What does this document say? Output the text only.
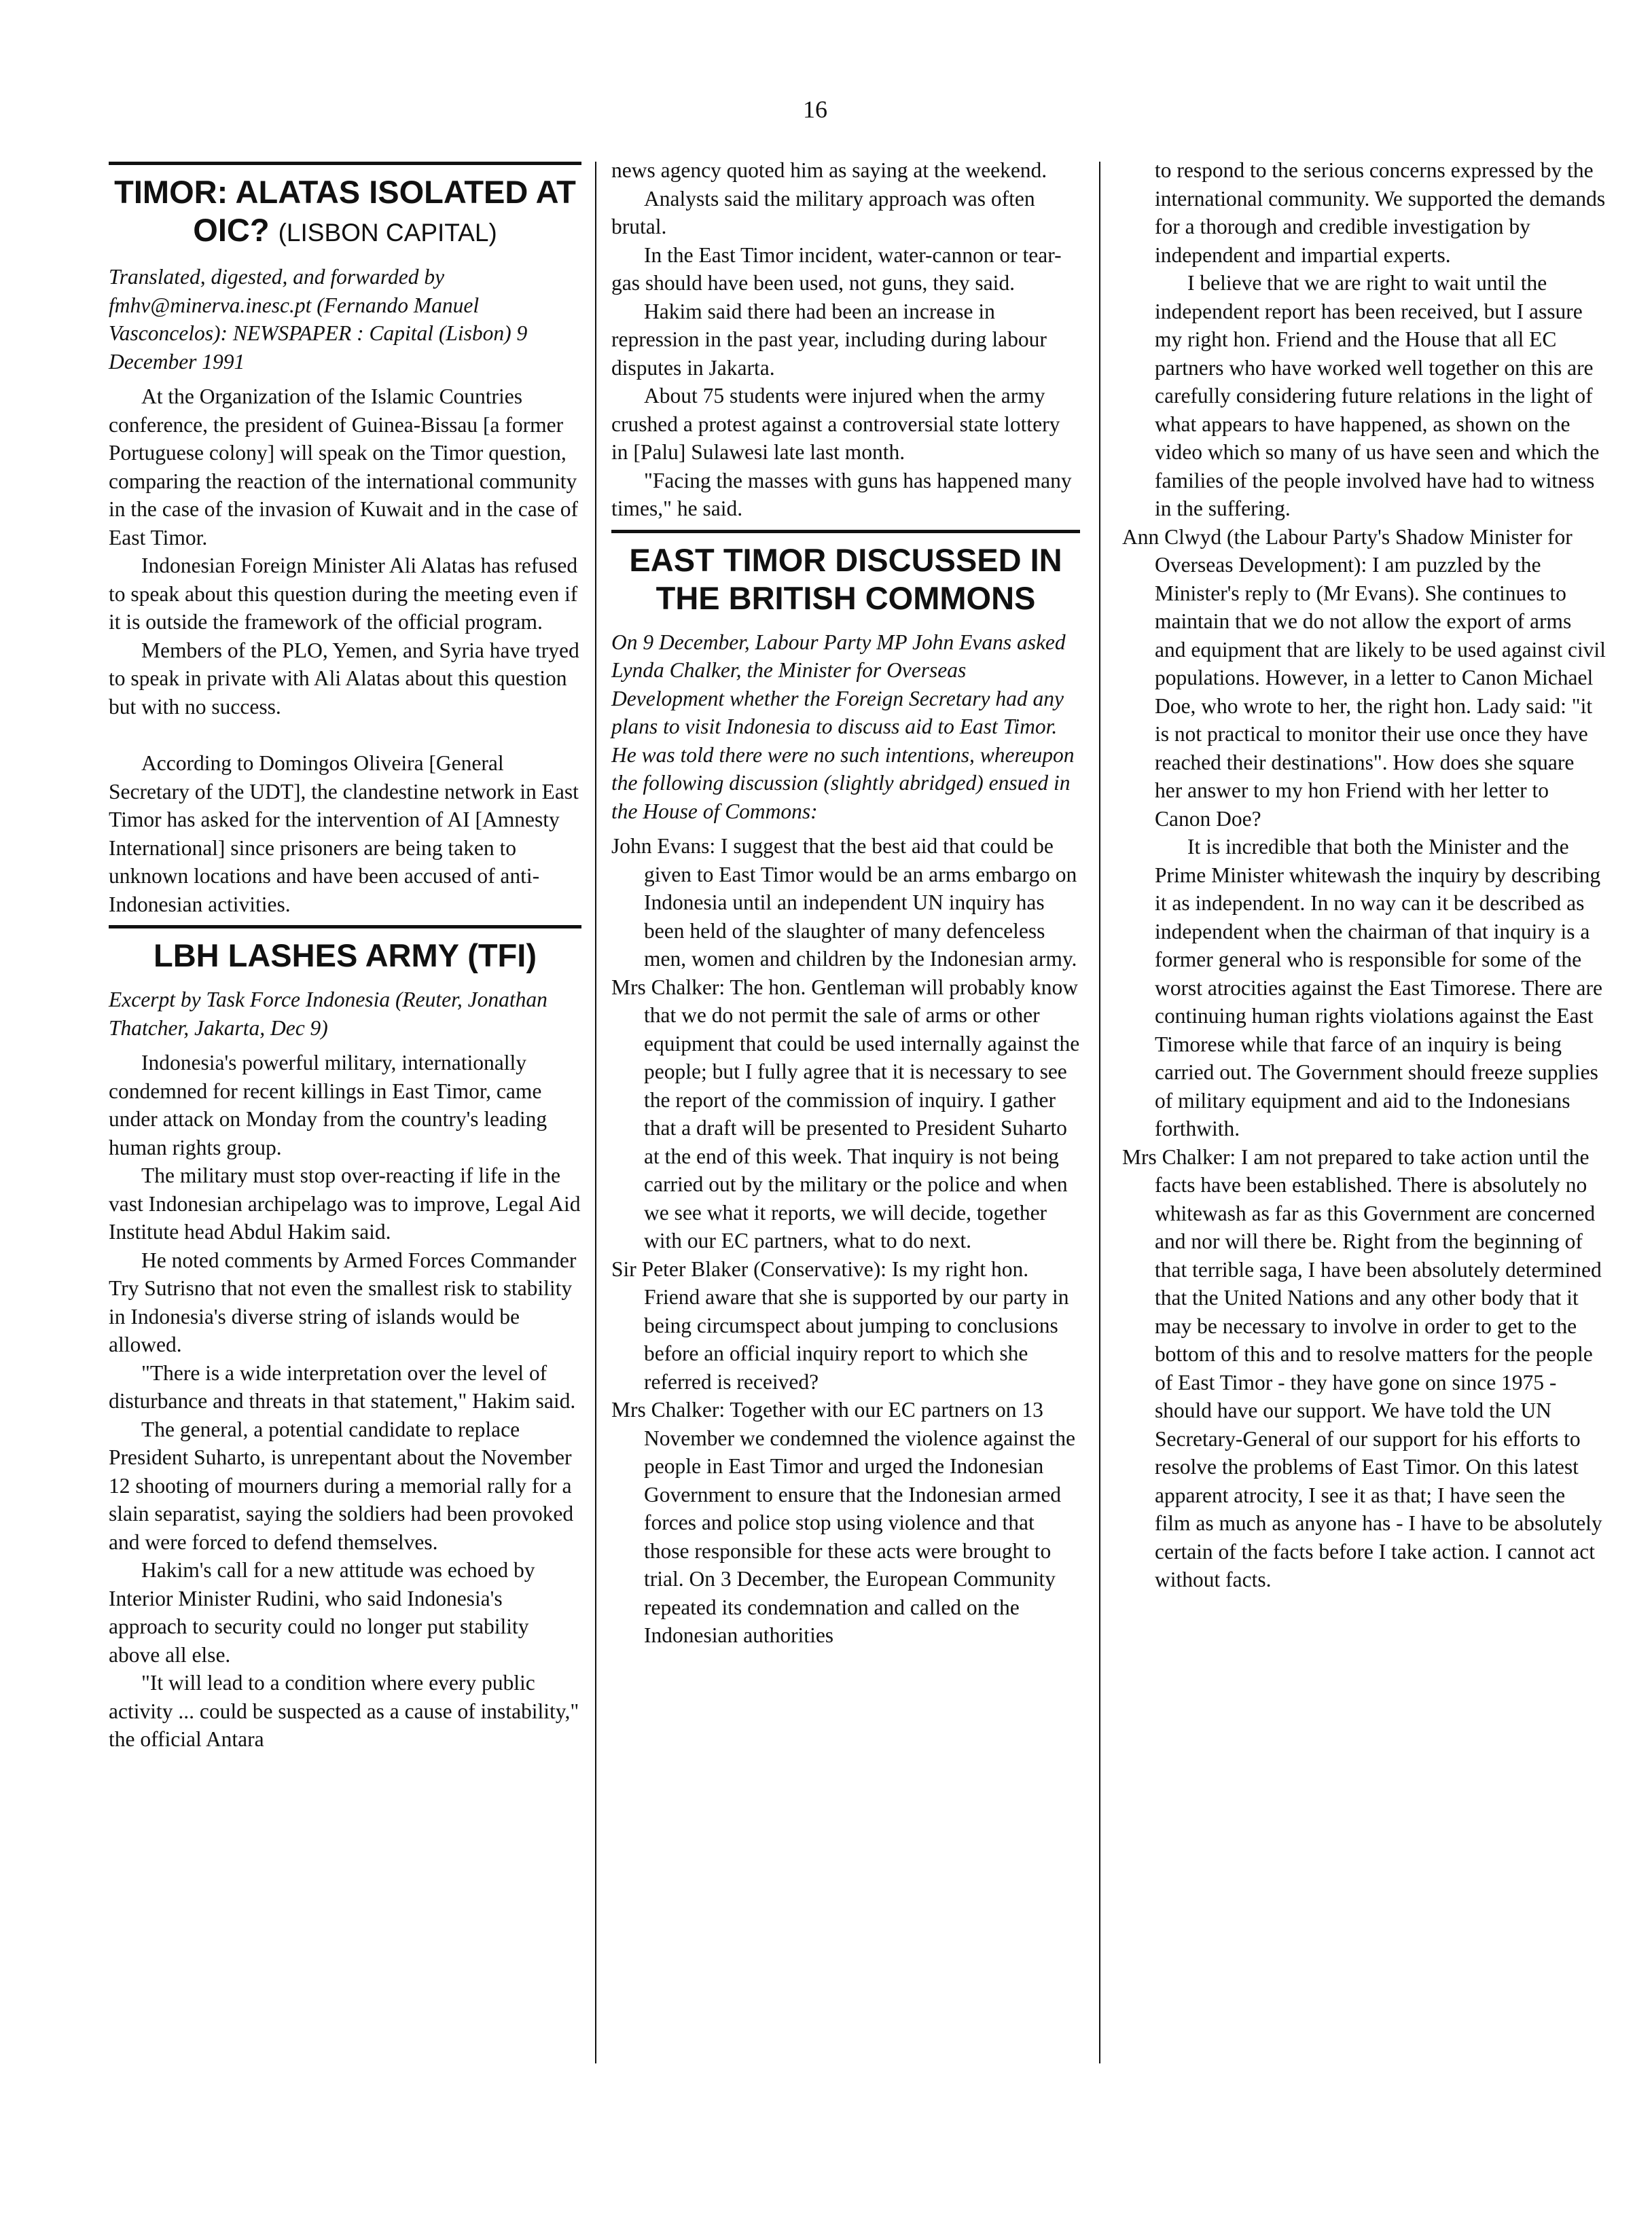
16
TIMOR: ALATAS ISOLATED AT OIC? (LISBON CAPITAL)

Translated, digested, and forwarded by fmhv@minerva.inesc.pt (Fernando Manuel Vasconcelos): NEWSPAPER : Capital (Lisbon) 9 December 1991

At the Organization of the Islamic Countries conference, the president of Guinea-Bissau [a former Portuguese colony] will speak on the Timor question, comparing the reaction of the international community in the case of the invasion of Kuwait and in the case of East Timor.

Indonesian Foreign Minister Ali Alatas has refused to speak about this question during the meeting even if it is outside the framework of the official program.

Members of the PLO, Yemen, and Syria have tryed to speak in private with Ali Alatas about this question but with no success.

According to Domingos Oliveira [General Secretary of the UDT], the clandestine network in East Timor has asked for the intervention of AI [Amnesty International] since prisoners are being taken to unknown locations and have been accused of anti-Indonesian activities.

LBH LASHES ARMY (TFI)

Excerpt by Task Force Indonesia (Reuter, Jonathan Thatcher, Jakarta, Dec 9)

Indonesia's powerful military, internationally condemned for recent killings in East Timor, came under attack on Monday from the country's leading human rights group.

The military must stop over-reacting if life in the vast Indonesian archipelago was to improve, Legal Aid Institute head Abdul Hakim said.

He noted comments by Armed Forces Commander Try Sutrisno that not even the smallest risk to stability in Indonesia's diverse string of islands would be allowed.

"There is a wide interpretation over the level of disturbance and threats in that statement," Hakim said.

The general, a potential candidate to replace President Suharto, is unrepentant about the November 12 shooting of mourners during a memorial rally for a slain separatist, saying the soldiers had been provoked and were forced to defend themselves.

Hakim's call for a new attitude was echoed by Interior Minister Rudini, who said Indonesia's approach to security could no longer put stability above all else.

"It will lead to a condition where every public activity ... could be suspected as a cause of instability," the official Antara

news agency quoted him as saying at the weekend.

Analysts said the military approach was often brutal.

In the East Timor incident, water-cannon or tear-gas should have been used, not guns, they said.

Hakim said there had been an increase in repression in the past year, including during labour disputes in Jakarta.

About 75 students were injured when the army crushed a protest against a controversial state lottery in [Palu] Sulawesi late last month.

"Facing the masses with guns has happened many times," he said.

EAST TIMOR DISCUSSED IN THE BRITISH COMMONS

On 9 December, Labour Party MP John Evans asked Lynda Chalker, the Minister for Overseas Development whether the Foreign Secretary had any plans to visit Indonesia to discuss aid to East Timor. He was told there were no such intentions, whereupon the following discussion (slightly abridged) ensued in the House of Commons:

John Evans: I suggest that the best aid that could be given to East Timor would be an arms embargo on Indonesia until an independent UN inquiry has been held of the slaughter of many defenceless men, women and children by the Indonesian army.

Mrs Chalker: The hon. Gentleman will probably know that we do not permit the sale of arms or other equipment that could be used internally against the people; but I fully agree that it is necessary to see the report of the commission of inquiry. I gather that a draft will be presented to President Suharto at the end of this week. That inquiry is not being carried out by the military or the police and when we see what it reports, we will decide, together with our EC partners, what to do next.

Sir Peter Blaker (Conservative): Is my right hon. Friend aware that she is supported by our party in being circumspect about jumping to conclusions before an official inquiry report to which she referred is received?

Mrs Chalker: Together with our EC partners on 13 November we condemned the violence against the people in East Timor and urged the Indonesian Government to ensure that the Indonesian armed forces and police stop using violence and that those responsible for these acts were brought to trial. On 3 December, the European Community repeated its condemnation and called on the Indonesian authorities

to respond to the serious concerns expressed by the international community. We supported the demands for a thorough and credible investigation by independent and impartial experts.

I believe that we are right to wait until the independent report has been received, but I assure my right hon. Friend and the House that all EC partners who have worked well together on this are carefully considering future relations in the light of what appears to have happened, as shown on the video which so many of us have seen and which the families of the people involved have had to witness in the suffering.

Ann Clwyd (the Labour Party's Shadow Minister for Overseas Development): I am puzzled by the Minister's reply to (Mr Evans). She continues to maintain that we do not allow the export of arms and equipment that are likely to be used against civil populations. However, in a letter to Canon Michael Doe, who wrote to her, the right hon. Lady said: "it is not practical to monitor their use once they have reached their destinations". How does she square her answer to my hon Friend with her letter to Canon Doe?

It is incredible that both the Minister and the Prime Minister whitewash the inquiry by describing it as independent. In no way can it be described as independent when the chairman of that inquiry is a former general who is responsible for some of the worst atrocities against the East Timorese. There are continuing human rights violations against the East Timorese while that farce of an inquiry is being carried out. The Government should freeze supplies of military equipment and aid to the Indonesians forthwith.

Mrs Chalker: I am not prepared to take action until the facts have been established. There is absolutely no whitewash as far as this Government are concerned and nor will there be. Right from the beginning of that terrible saga, I have been absolutely determined that the United Nations and any other body that it may be necessary to involve in order to get to the bottom of this and to resolve matters for the people of East Timor - they have gone on since 1975 - should have our support. We have told the UN Secretary-General of our support for his efforts to resolve the problems of East Timor. On this latest apparent atrocity, I see it as that; I have seen the film as much as anyone has - I have to be absolutely certain of the facts before I take action. I cannot act without facts.
